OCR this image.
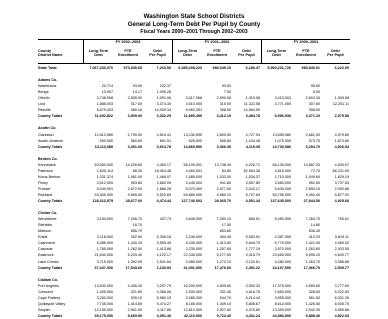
Washington State School Districts
General Long-Term Debt Per Pupil by County
Fiscal Years 2000–2001 Through 2002–2003
County
District Name
FY 2002–2003	FY 2001–2002	FY 2000–2001
Long-Term
Debt
FTE
Enrollment
Debt
Per Pupil
Long-Term
Debt
FTE
Enrollment
Debt
Per Pupil
Long-Term
Debt
FTE
Enrollment
Debt
Per Pupil
State Total

Adams Co.
Washtucna
Benge
Othello
Lind
Ritzville
County Totals

Asotin Co.
Clarkston
Asotin-Anatone
County Totals

Benton Co.
Kennewick
Paterson
Kiona-Benton
Finley
Prosser
Richland
County Totals

Chelan Co.
Wenatchee
Stehekin
Manson
Entiat
Cashmere
Cascade
Eastmont
Lake Chelan
County Totals

Clallam Co.
Port Angeles
Crescent
Cape Flattery
Quillayute Valley
Sequim
County Totals
7,067,330,070

20,714
10,907
3,748,068
1,885,003
5,679,403
11,692,822

12,613,089
500,000
13,113,089

63,500,000
1,625,114
1,331,374
3,512,000
5,040,091
53,305,000
128,313,579

3,194,000

2,118,000
5,085,000
1,785,000
21,540,000
3,715,000
37,437,000

14,630,000
1,405,000
3,200,000
7,745,000
12,195,000
39,175,000
973,035.65

93.00
13.17
2,505.90
317.00
380.16
3,509.00

2,790.00
560.80
3,351.00

14,226.60
88.30
1,081.00
953.60
2,672.00
9,655.50
28,677.00

7,296.70
16.70
656.70
392.50
1,430.20
1,262.50
5,225.40
1,262.90
17,543.60

4,436.30
321.80
535.10
1,414.80
2,961.50
9,669.50
7,263.06

222.37
1,005.28
1,091.06
3,374.30
14,939.34
3,332.25

4,519.41
891.91
3,913.78

4,465.17
18,404.46
1,466.07
3,683.09
1,886.26
5,520.69
4,474.44

437.73

5,396.18
3,555.45
1,413.86
4,122.17
2,941.64
2,133.93

3,297.79
4,366.06
5,980.19
5,474.27
4,117.85
4,051.40
6,085,408,223

3,417,068
3,510,000
5,963,391
11,890,459

13,240,590
625,000
13,865,590

58,100,001
4,460,001
1,585,000
3,445,000
5,470,000
54,680,000
127,740,002

4,845,000

2,246,000
5,435,000
2,235,000
22,345,000
3,985,000
41,091,000

16,200,000
1,530,000
3,385,000
8,185,000
12,810,000
42,110,000
983,049.15

93.00
7.50
2,590.50
310.00
398.50
3,412.10

2,800.50
565.80
3,366.30

13,748.40
84.80
1,033.00
941.80
2,677.60
9,580.10
28,065.70

7,280.10
17.50
653.80
404.40
1,413.60
1,257.60
5,177.50
1,272.10
17,476.60

4,509.60
331.40
544.70
1,409.10
2,927.60
9,722.40
6,186.47

1,319.08
11,322.58
14,964.59
3,484.78

4,727.94
1,104.48
4,119.35

4,226.71
52,594.36
1,534.37
3,657.89
2,043.17
5,707.69
4,551.44

665.51

5,553.91
3,844.79
1,777.19
4,315.79
3,132.61
2,351.22

3,592.33
4,616.78
6,214.43
5,808.67
4,375.60
4,331.24
5,990,231,726

3,410,003
3,771,000

6,996,936

13,655,080
1,075,000
14,730,080

66,135,000
4,815,000
1,710,000
3,560,000
5,630,000
55,795,000
137,645,000

5,450,000

2,387,000
5,770,000
2,570,000
23,650,000
4,280,000
44,107,000

17,375,000
1,650,000
3,555,000
8,610,000
13,390,000
44,580,000
983,840.01

95.80
8.50
2,603.30
307.80
396.50
3,371.10

2,681.00
573.70
3,254.70

13,687.20
72.70
1,049.60
952.50
2,690.10
9,492.40
27,944.50

7,260.70
14.80
636.40
410.20
1,421.00
1,263.80
5,096.10
1,263.70
17,366.70

4,599.60
328.50
561.50
1,426.50
2,942.30
9,858.40
6,222.00

1,309.08
12,251.11

2,075.58

4,979.80
1,873.80
4,526.54

4,830.07
66,231.09
1,629.19
3,737.53
2,092.86
5,877.92
4,925.66

750.61

5,819.11
4,060.52
2,033.55
4,640.77
3,386.88
2,539.77

3,777.50
5,022.83
6,331.26
6,035.75
4,550.86
4,522.03
